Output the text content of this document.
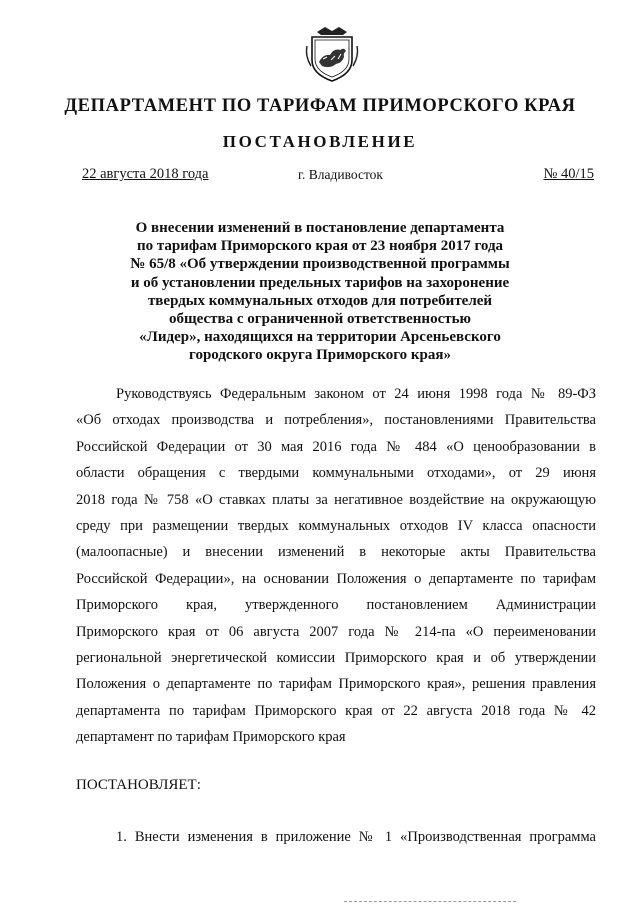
ДЕПАРТАМЕНТ ПО ТАРИФАМ ПРИМОРСКОГО КРАЯ
ПОСТАНОВЛЕНИЕ
22 августа 2018 года	г. Владивосток	№ 40/15
О внесении изменений в постановление департамента
по тарифам Приморского края от 23 ноября 2017 года
№ 65/8 «Об утверждении производственной программы
и об установлении предельных тарифов на захоронение
твердых коммунальных отходов для потребителей
общества с ограниченной ответственностью
«Лидер», находящихся на территории Арсеньевского
городского округа Приморского края»
Руководствуясь Федеральным законом от 24 июня 1998 года № 89-ФЗ
«Об отходах производства и потребления», постановлениями Правительства
Российской Федерации от 30 мая 2016 года № 484 «О ценообразовании в
области обращения с твердыми коммунальными отходами», от 29 июня
2018 года № 758 «О ставках платы за негативное воздействие на окружающую
среду при размещении твердых коммунальных отходов IV класса опасности
(малоопасные) и внесении изменений в некоторые акты Правительства
Российской Федерации», на основании Положения о департаменте по тарифам
Приморского края, утвержденного постановлением Администрации
Приморского края от 06 августа 2007 года № 214-па «О переименовании
региональной энергетической комиссии Приморского края и об утверждении
Положения о департаменте по тарифам Приморского края», решения правления
департамента по тарифам Приморского края от 22 августа 2018 года № 42
департамент по тарифам Приморского края
ПОСТАНОВЛЯЕТ:
1. Внести изменения в приложение № 1 «Производственная программа
